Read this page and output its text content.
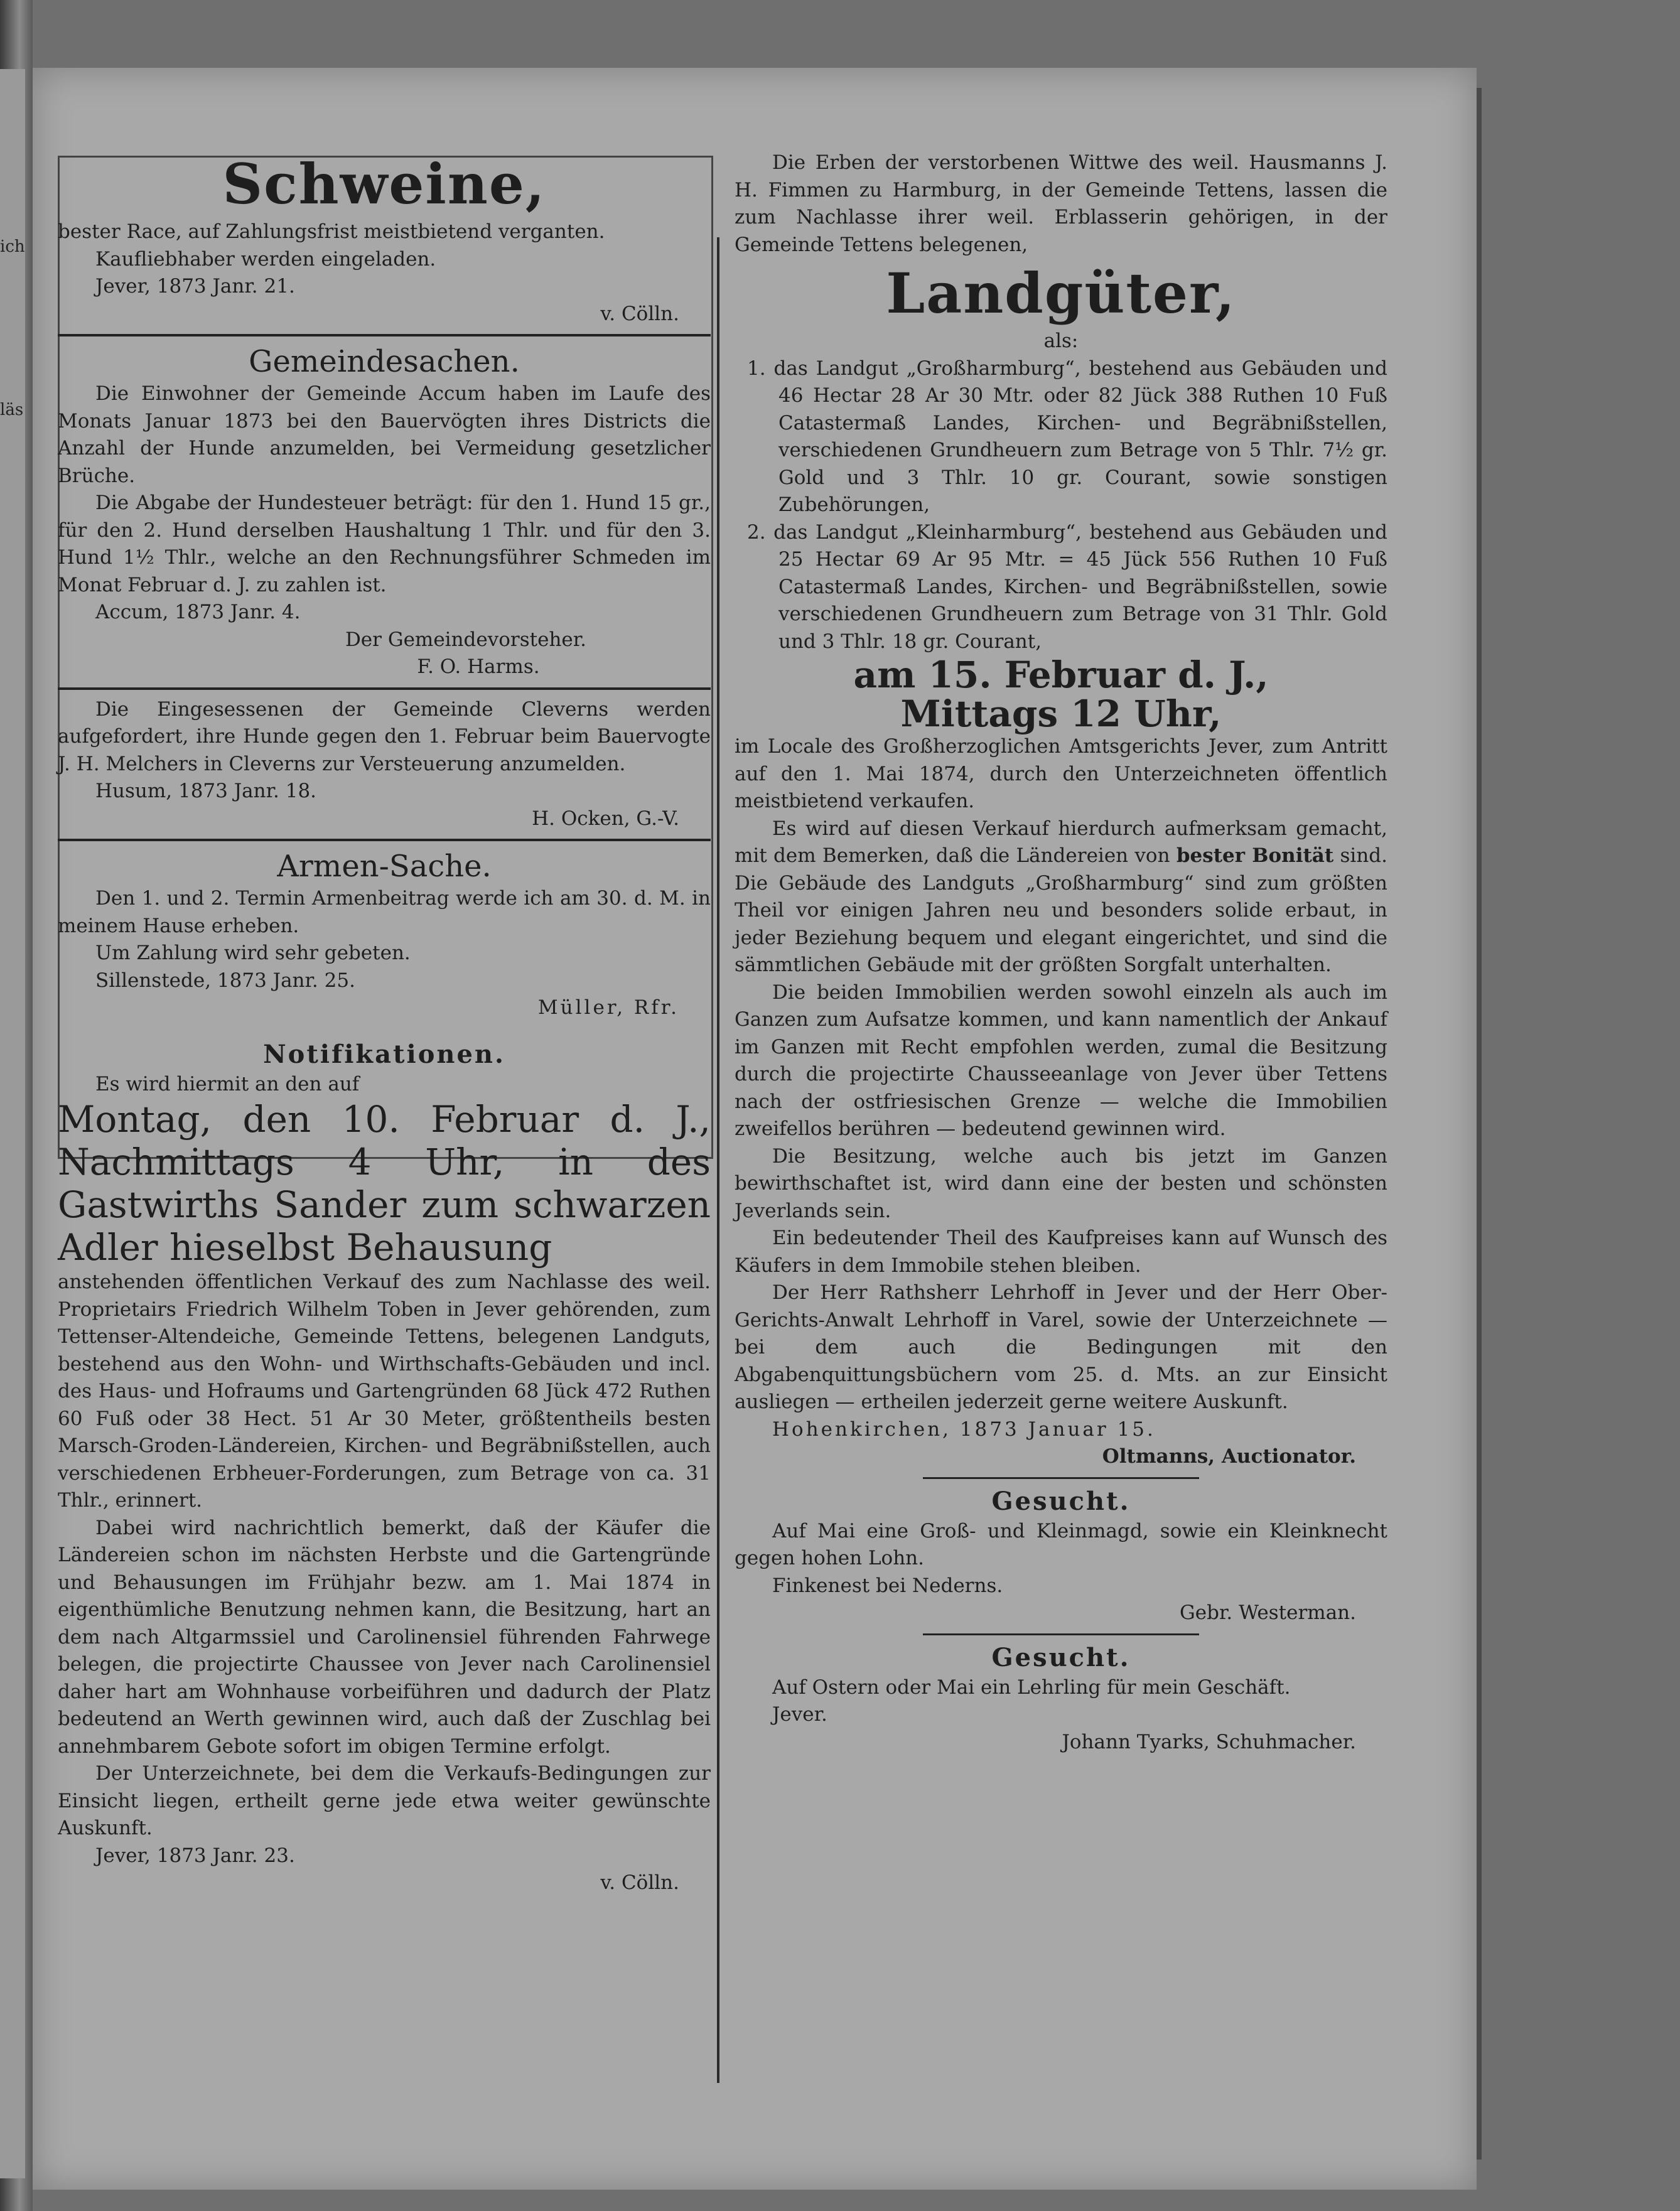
ich
läs
Schweine,

bester Race, auf Zahlungsfrist meistbietend verganten.

Kaufliebhaber werden eingeladen.

Jever, 1873 Janr. 21.

v. Cölln.

Gemeindesachen.

Die Einwohner der Gemeinde Accum haben im Laufe des Monats Januar 1873 bei den Bauervögten ihres Districts die Anzahl der Hunde anzumelden, bei Vermeidung gesetzlicher Brüche.

Die Abgabe der Hundesteuer beträgt: für den 1. Hund 15 gr., für den 2. Hund derselben Haushaltung 1 Thlr. und für den 3. Hund 1½ Thlr., welche an den Rechnungsführer Schmeden im Monat Februar d. J. zu zahlen ist.

Accum, 1873 Janr. 4.

Der Gemeindevorsteher.

F. O. Harms.

Die Eingesessenen der Gemeinde Cleverns werden aufgefordert, ihre Hunde gegen den 1. Februar beim Bauervogte J. H. Melchers in Cleverns zur Versteuerung anzumelden.

Husum, 1873 Janr. 18.

H. Ocken, G.-V.

Armen-Sache.

Den 1. und 2. Termin Armenbeitrag werde ich am 30. d. M. in meinem Hause erheben.

Um Zahlung wird sehr gebeten.

Sillenstede, 1873 Janr. 25.

Müller, Rfr.

Notifikationen.

Es wird hiermit an den auf

Montag, den 10. Februar d. J., Nachmittags 4 Uhr, in des Gastwirths Sander zum schwarzen Adler hieselbst Behausung

anstehenden öffentlichen Verkauf des zum Nachlasse des weil. Proprietairs Friedrich Wilhelm Toben in Jever gehörenden, zum Tettenser-Altendeiche, Gemeinde Tettens, belegenen Landguts, bestehend aus den Wohn- und Wirthschafts-Gebäuden und incl. des Haus- und Hofraums und Gartengründen 68 Jück 472 Ruthen 60 Fuß oder 38 Hect. 51 Ar 30 Meter, größtentheils besten Marsch-Groden-Ländereien, Kirchen- und Begräbnißstellen, auch verschiedenen Erbheuer-Forderungen, zum Betrage von ca. 31 Thlr., erinnert.

Dabei wird nachrichtlich bemerkt, daß der Käufer die Ländereien schon im nächsten Herbste und die Gartengründe und Behausungen im Frühjahr bezw. am 1. Mai 1874 in eigenthümliche Benutzung nehmen kann, die Besitzung, hart an dem nach Altgarmssiel und Carolinensiel führenden Fahrwege belegen, die projectirte Chaussee von Jever nach Carolinensiel daher hart am Wohnhause vorbeiführen und dadurch der Platz bedeutend an Werth gewinnen wird, auch daß der Zuschlag bei annehmbarem Gebote sofort im obigen Termine erfolgt.

Der Unterzeichnete, bei dem die Verkaufs-Bedingungen zur Einsicht liegen, ertheilt gerne jede etwa weiter gewünschte Auskunft.

Jever, 1873 Janr. 23.

v. Cölln.

Die Erben der verstorbenen Wittwe des weil. Hausmanns J. H. Fimmen zu Harmburg, in der Gemeinde Tettens, lassen die zum Nachlasse ihrer weil. Erblasserin gehörigen, in der Gemeinde Tettens belegenen,

Landgüter,

als:

1. das Landgut „Großharmburg“, bestehend aus Gebäuden und 46 Hectar 28 Ar 30 Mtr. oder 82 Jück 388 Ruthen 10 Fuß Catastermaß Landes, Kirchen- und Begräbnißstellen, verschiedenen Grundheuern zum Betrage von 5 Thlr. 7½ gr. Gold und 3 Thlr. 10 gr. Courant, sowie sonstigen Zubehörungen,

2. das Landgut „Kleinharmburg“, bestehend aus Gebäuden und 25 Hectar 69 Ar 95 Mtr. = 45 Jück 556 Ruthen 10 Fuß Catastermaß Landes, Kirchen- und Begräbnißstellen, sowie verschiedenen Grundheuern zum Betrage von 31 Thlr. Gold und 3 Thlr. 18 gr. Courant,

am 15. Februar d. J.,
Mittags 12 Uhr,

im Locale des Großherzoglichen Amtsgerichts Jever, zum Antritt auf den 1. Mai 1874, durch den Unterzeichneten öffentlich meistbietend verkaufen.

Es wird auf diesen Verkauf hierdurch aufmerksam gemacht, mit dem Bemerken, daß die Ländereien von bester Bonität sind. Die Gebäude des Landguts „Großharmburg“ sind zum größten Theil vor einigen Jahren neu und besonders solide erbaut, in jeder Beziehung bequem und elegant eingerichtet, und sind die sämmtlichen Gebäude mit der größten Sorgfalt unterhalten.

Die beiden Immobilien werden sowohl einzeln als auch im Ganzen zum Aufsatze kommen, und kann namentlich der Ankauf im Ganzen mit Recht empfohlen werden, zumal die Besitzung durch die projectirte Chausseeanlage von Jever über Tettens nach der ostfriesischen Grenze — welche die Immobilien zweifellos berühren — bedeutend gewinnen wird.

Die Besitzung, welche auch bis jetzt im Ganzen bewirthschaftet ist, wird dann eine der besten und schönsten Jeverlands sein.

Ein bedeutender Theil des Kaufpreises kann auf Wunsch des Käufers in dem Immobile stehen bleiben.

Der Herr Rathsherr Lehrhoff in Jever und der Herr Ober-Gerichts-Anwalt Lehrhoff in Varel, sowie der Unterzeichnete — bei dem auch die Bedingungen mit den Abgabenquittungsbüchern vom 25. d. Mts. an zur Einsicht ausliegen — ertheilen jederzeit gerne weitere Auskunft.

Hohenkirchen, 1873 Januar 15.

Oltmanns, Auctionator.

Gesucht.

Auf Mai eine Groß- und Kleinmagd, sowie ein Kleinknecht gegen hohen Lohn.

Finkenest bei Nederns.

Gebr. Westerman.

Gesucht.

Auf Ostern oder Mai ein Lehrling für mein Geschäft.

Jever.

Johann Tyarks, Schuhmacher.
